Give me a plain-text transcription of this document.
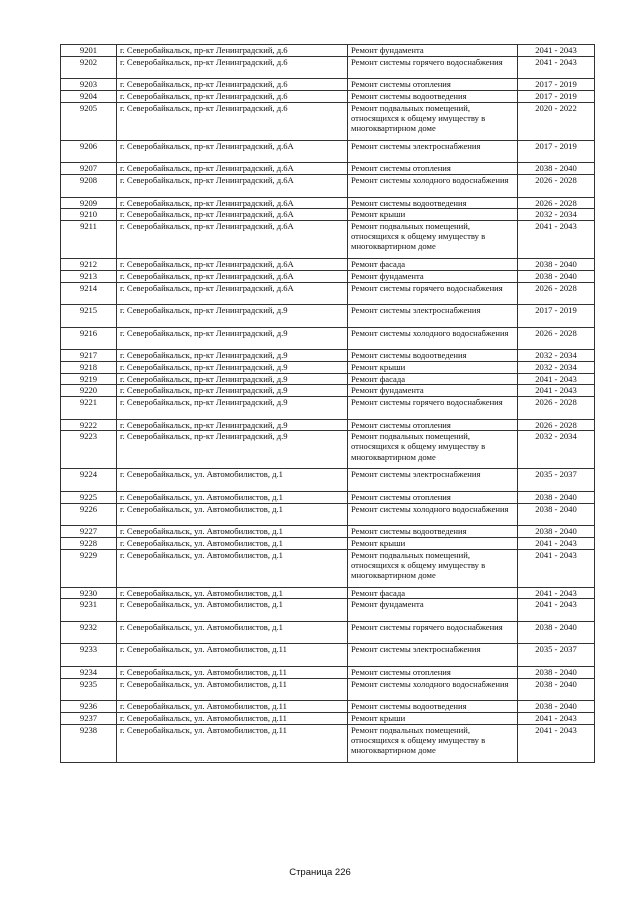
9201	г. Северобайкальск, пр-кт Ленинградский, д.6	Ремонт фундамента	2041 - 2043
9202	г. Северобайкальск, пр-кт Ленинградский, д.6	Ремонт системы горячего водоснабжения	2041 - 2043
9203	г. Северобайкальск, пр-кт Ленинградский, д.6	Ремонт системы отопления	2017 - 2019
9204	г. Северобайкальск, пр-кт Ленинградский, д.6	Ремонт системы водоотведения	2017 - 2019
9205	г. Северобайкальск, пр-кт Ленинградский, д.6	Ремонт подвальных помещений, относящихся к общему имуществу в многоквартирном доме	2020 - 2022
9206	г. Северобайкальск, пр-кт Ленинградский, д.6А	Ремонт системы электроснабжения	2017 - 2019
9207	г. Северобайкальск, пр-кт Ленинградский, д.6А	Ремонт системы отопления	2038 - 2040
9208	г. Северобайкальск, пр-кт Ленинградский, д.6А	Ремонт системы холодного водоснабжения	2026 - 2028
9209	г. Северобайкальск, пр-кт Ленинградский, д.6А	Ремонт системы водоотведения	2026 - 2028
9210	г. Северобайкальск, пр-кт Ленинградский, д.6А	Ремонт крыши	2032 - 2034
9211	г. Северобайкальск, пр-кт Ленинградский, д.6А	Ремонт подвальных помещений, относящихся к общему имуществу в многоквартирном доме	2041 - 2043
9212	г. Северобайкальск, пр-кт Ленинградский, д.6А	Ремонт фасада	2038 - 2040
9213	г. Северобайкальск, пр-кт Ленинградский, д.6А	Ремонт фундамента	2038 - 2040
9214	г. Северобайкальск, пр-кт Ленинградский, д.6А	Ремонт системы горячего водоснабжения	2026 - 2028
9215	г. Северобайкальск, пр-кт Ленинградский, д.9	Ремонт системы электроснабжения	2017 - 2019
9216	г. Северобайкальск, пр-кт Ленинградский, д.9	Ремонт системы холодного водоснабжения	2026 - 2028
9217	г. Северобайкальск, пр-кт Ленинградский, д.9	Ремонт системы водоотведения	2032 - 2034
9218	г. Северобайкальск, пр-кт Ленинградский, д.9	Ремонт крыши	2032 - 2034
9219	г. Северобайкальск, пр-кт Ленинградский, д.9	Ремонт фасада	2041 - 2043
9220	г. Северобайкальск, пр-кт Ленинградский, д.9	Ремонт фундамента	2041 - 2043
9221	г. Северобайкальск, пр-кт Ленинградский, д.9	Ремонт системы горячего водоснабжения	2026 - 2028
9222	г. Северобайкальск, пр-кт Ленинградский, д.9	Ремонт системы отопления	2026 - 2028
9223	г. Северобайкальск, пр-кт Ленинградский, д.9	Ремонт подвальных помещений, относящихся к общему имуществу в многоквартирном доме	2032 - 2034
9224	г. Северобайкальск, ул. Автомобилистов, д.1	Ремонт системы электроснабжения	2035 - 2037
9225	г. Северобайкальск, ул. Автомобилистов, д.1	Ремонт системы отопления	2038 - 2040
9226	г. Северобайкальск, ул. Автомобилистов, д.1	Ремонт системы холодного водоснабжения	2038 - 2040
9227	г. Северобайкальск, ул. Автомобилистов, д.1	Ремонт системы водоотведения	2038 - 2040
9228	г. Северобайкальск, ул. Автомобилистов, д.1	Ремонт крыши	2041 - 2043
9229	г. Северобайкальск, ул. Автомобилистов, д.1	Ремонт подвальных помещений, относящихся к общему имуществу в многоквартирном доме	2041 - 2043
9230	г. Северобайкальск, ул. Автомобилистов, д.1	Ремонт фасада	2041 - 2043
9231	г. Северобайкальск, ул. Автомобилистов, д.1	Ремонт фундамента	2041 - 2043
9232	г. Северобайкальск, ул. Автомобилистов, д.1	Ремонт системы горячего водоснабжения	2038 - 2040
9233	г. Северобайкальск, ул. Автомобилистов, д.11	Ремонт системы электроснабжения	2035 - 2037
9234	г. Северобайкальск, ул. Автомобилистов, д.11	Ремонт системы отопления	2038 - 2040
9235	г. Северобайкальск, ул. Автомобилистов, д.11	Ремонт системы холодного водоснабжения	2038 - 2040
9236	г. Северобайкальск, ул. Автомобилистов, д.11	Ремонт системы водоотведения	2038 - 2040
9237	г. Северобайкальск, ул. Автомобилистов, д.11	Ремонт крыши	2041 - 2043
9238	г. Северобайкальск, ул. Автомобилистов, д.11	Ремонт подвальных помещений, относящихся к общему имуществу в многоквартирном доме	2041 - 2043
Страница 226
